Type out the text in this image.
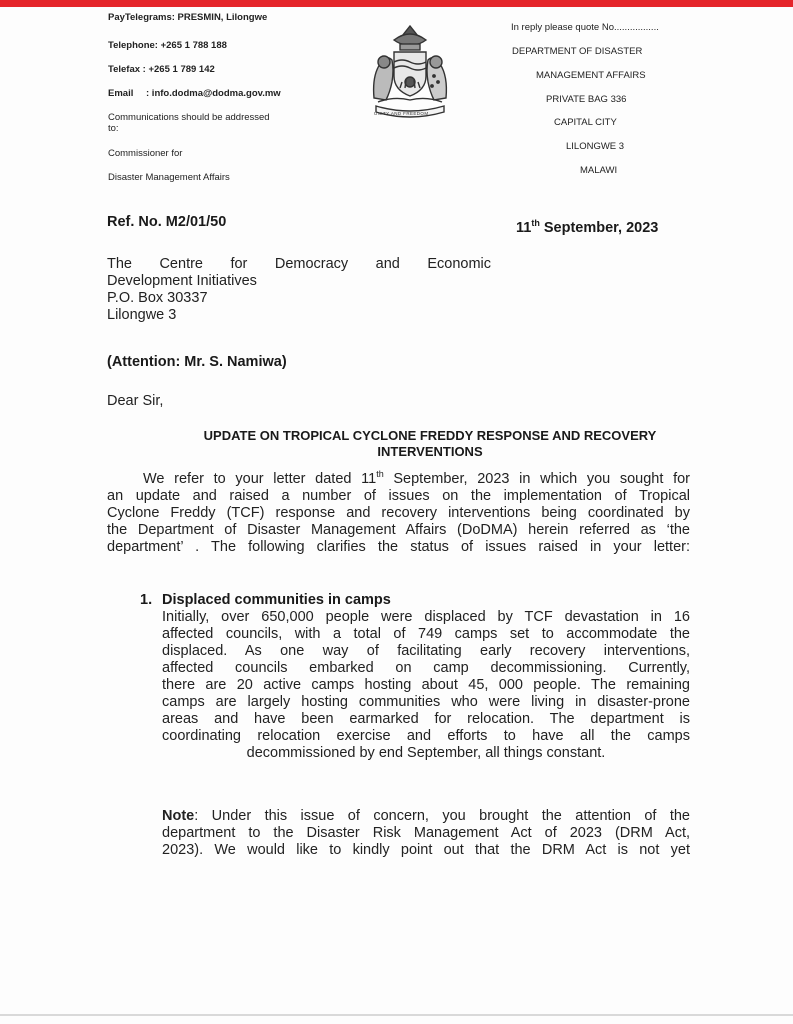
PayTelegrams: PRESMIN, Lilongwe
Telephone: +265 1 788 188
Telefax : +265 1 789 142
Email : info.dodma@dodma.gov.mw
Communications should be addressed
to:
Commissioner for
Disaster Management Affairs
UNITY AND FREEDOM
In reply please quote No.................
DEPARTMENT OF DISASTER
MANAGEMENT AFFAIRS
PRIVATE BAG 336
CAPITAL CITY
LILONGWE 3
MALAWI
Ref. No. M2/01/50	11th September, 2023
The Centre for Democracy and Economic
Development Initiatives
P.O. Box 30337
Lilongwe 3
(Attention: Mr. S. Namiwa)
Dear Sir,
UPDATE ON TROPICAL CYCLONE FREDDY RESPONSE AND RECOVERY
INTERVENTIONS
We refer to your letter dated 11th September, 2023 in which you sought for
an update and raised a number of issues on the implementation of Tropical
Cyclone Freddy (TCF) response and recovery interventions being coordinated by
the Department of Disaster Management Affairs (DoDMA) herein referred as ‘the
department’ . The following clarifies the status of issues raised in your letter:
1. Displaced communities in camps
Initially, over 650,000 people were displaced by TCF devastation in 16
affected councils, with a total of 749 camps set to accommodate the
displaced. As one way of facilitating early recovery interventions,
affected councils embarked on camp decommissioning. Currently,
there are 20 active camps hosting about 45, 000 people. The remaining
camps are largely hosting communities who were living in disaster-prone
areas and have been earmarked for relocation. The department is
coordinating relocation exercise and efforts to have all the camps
decommissioned by end September, all things constant.
Note: Under this issue of concern, you brought the attention of the
department to the Disaster Risk Management Act of 2023 (DRM Act,
2023). We would like to kindly point out that the DRM Act is not yet
